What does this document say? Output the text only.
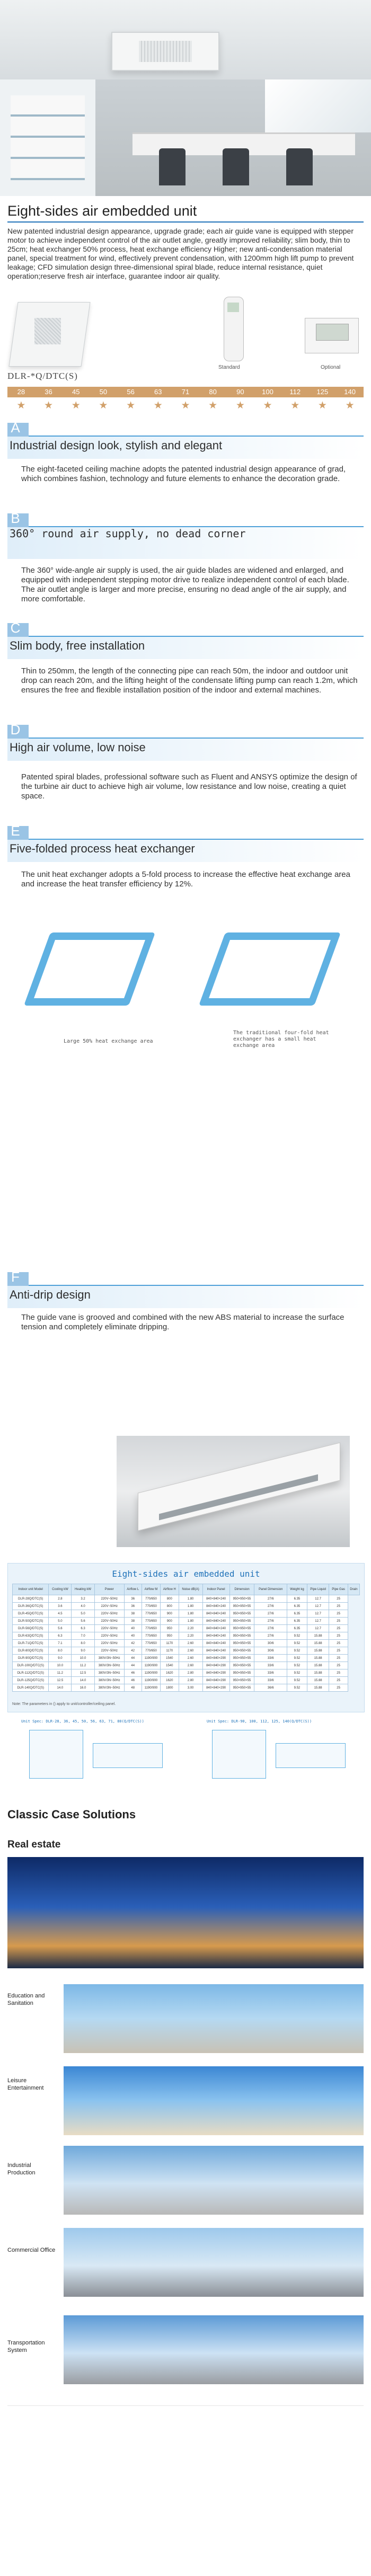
Eight-sides air embedded unit

New patented industrial design appearance, upgrade grade; each air guide vane is equipped with stepper motor to achieve independent control of the air outlet angle, greatly improved reliability; slim body, thin to 25cm; heat exchanger 50% process, heat exchange efficiency Higher; new anti-condensation material panel, special treatment for wind, effectively prevent condensation, with 1200mm high lift pump to prevent leakage; CFD simulation design three-dimensional spiral blade, reduce internal resistance, quiet operation;reserve fresh air interface, guarantee indoor air quality.

Standard	Optional
DLR-*Q/DTC(S)
28	36	45	50	56	63	71	80	90	100	112	125	140
★	★	★	★	★	★	★	★	★	★	★	★	★
Industrial design look, stylish and elegant
A

The eight-faceted ceiling machine adopts the patented industrial design appearance of grad, which combines fashion, technology and future elements to enhance the decoration grade.

360° round air supply, no dead corner
B

The 360° wide-angle air supply is used, the air guide blades are widened and enlarged, and equipped with independent stepping motor drive to realize independent control of each blade. The air outlet angle is larger and more precise, ensuring no dead angle of the air supply, and more comfortable.

Slim body, free installation
C

Thin to 250mm, the length of the connecting pipe can reach 50m, the indoor and outdoor unit drop can reach 20m, and the lifting height of the condensate lifting pump can reach 1.2m, which ensures the free and flexible installation position of the indoor and external machines.

High air volume, low noise
D

Patented spiral blades, professional software such as Fluent and ANSYS optimize the design of the turbine air duct to achieve high air volume, low resistance and low noise, creating a quiet space.

Five-folded process heat exchanger
E

The unit heat exchanger adopts a 5-fold process to increase the effective heat exchange area and increase the heat transfer efficiency by 12%.

Large 50% heat exchange area
The traditional four-fold heat exchanger has a small heat exchange area
Anti-drip design
F

The guide vane is grooved and combined with the new ABS material to increase the surface tension and completely eliminate dripping.

Eight-sides air embedded unit
Indoor unit Model	Cooling kW	Heating kW	Power	Airflow L	Airflow M	Airflow H	Noise dB(A)	Indoor Panel	Dimension	Panel Dimension	Weight kg	Pipe Liquid	Pipe Gas	Drain
DLR-28Q/DTC(S)	2.8	3.2	220V~50Hz	36	770/650	800	1.80	840×840×240	950×950×55	27/6	6.35	12.7	25	
DLR-36Q/DTC(S)	3.6	4.0	220V~50Hz	36	770/650	800	1.80	840×840×240	950×950×55	27/6	6.35	12.7	25	
DLR-45Q/DTC(S)	4.5	5.0	220V~50Hz	38	770/650	900	1.80	840×840×240	950×950×55	27/6	6.35	12.7	25	
DLR-50Q/DTC(S)	5.0	5.6	220V~50Hz	38	770/650	900	1.80	840×840×240	950×950×55	27/6	6.35	12.7	25	
DLR-56Q/DTC(S)	5.6	6.3	220V~50Hz	40	770/650	950	2.20	840×840×240	950×950×55	27/6	6.35	12.7	25	
DLR-63Q/DTC(S)	6.3	7.0	220V~50Hz	40	770/650	950	2.20	840×840×240	950×950×55	27/6	9.52	15.88	25	
DLR-71Q/DTC(S)	7.1	8.0	220V~50Hz	42	770/650	1170	2.60	840×840×240	950×950×55	30/6	9.52	15.88	25	
DLR-80Q/DTC(S)	8.0	9.0	220V~50Hz	42	770/650	1170	2.60	840×840×240	950×950×55	30/6	9.52	15.88	25	
DLR-90Q/DTC(S)	9.0	10.0	380V/3N~50Hz	44	1190/900	1540	2.60	840×840×290	950×950×55	33/6	9.52	15.88	25	
DLR-100Q/DTC(S)	10.0	11.2	380V/3N~50Hz	44	1190/900	1540	2.60	840×840×290	950×950×55	33/6	9.52	15.88	25	
DLR-112Q/DTC(S)	11.2	12.5	380V/3N~50Hz	46	1190/900	1620	2.80	840×840×290	950×950×55	33/6	9.52	15.88	25	
DLR-125Q/DTC(S)	12.5	14.0	380V/3N~50Hz	46	1190/900	1620	2.80	840×840×290	950×950×55	33/6	9.52	15.88	25	
DLR-140Q/DTC(S)	14.0	16.0	380V/3N~50Hz	48	1190/900	1800	3.00	840×840×290	950×950×55	36/6	9.52	15.88	25	
Note: The parameters in () apply to unit/controller/ceiling panel.
Unit Spec: DLR-28, 36, 45, 50, 56, 63, 71, 80(Q/DTC(S))	Unit Spec: DLR-90, 100, 112, 125, 140(Q/DTC(S))
Classic Case Solutions
Real estate
Education and Sanitation
Leisure Entertainment
Industrial Production
Commercial Office
Transportation System
